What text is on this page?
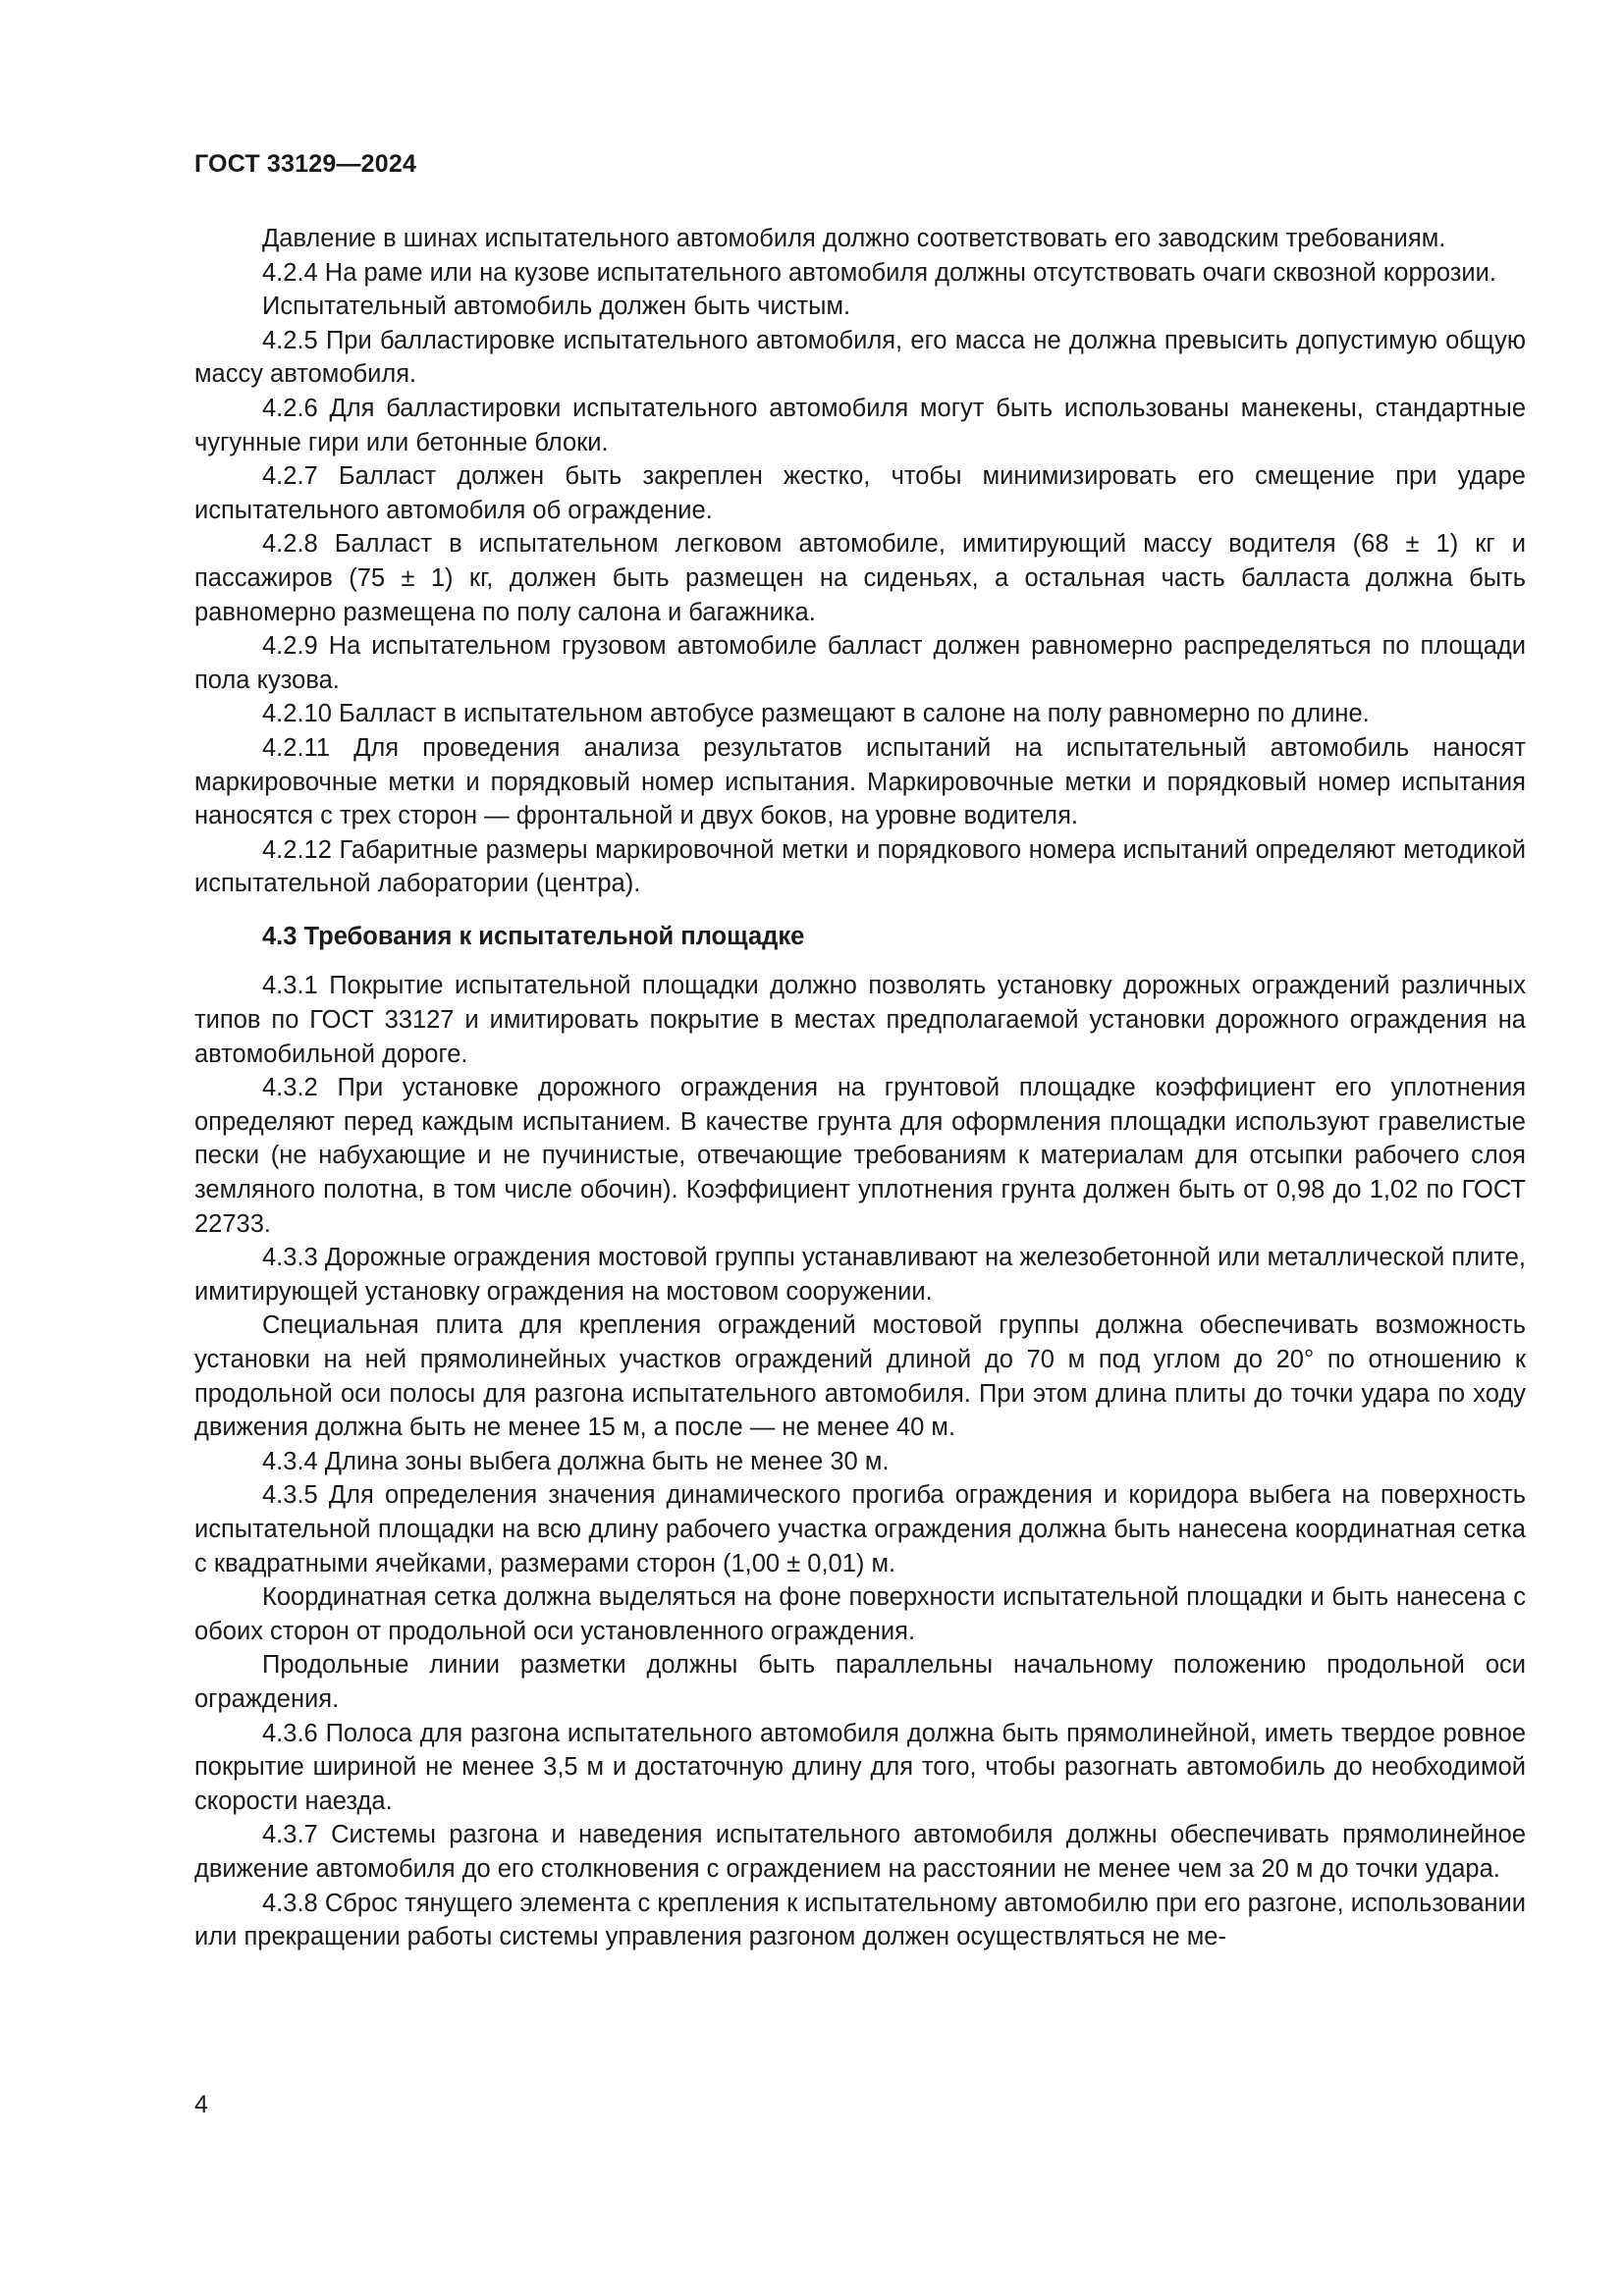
ГОСТ 33129—2024

Давление в шинах испытательного автомобиля должно соответствовать его заводским требованиям.

4.2.4 На раме или на кузове испытательного автомобиля должны отсутствовать очаги сквозной коррозии.

Испытательный автомобиль должен быть чистым.

4.2.5 При балластировке испытательного автомобиля, его масса не должна превысить допустимую общую массу автомобиля.

4.2.6 Для балластировки испытательного автомобиля могут быть использованы манекены, стандартные чугунные гири или бетонные блоки.

4.2.7 Балласт должен быть закреплен жестко, чтобы минимизировать его смещение при ударе испытательного автомобиля об ограждение.

4.2.8 Балласт в испытательном легковом автомобиле, имитирующий массу водителя (68 ± 1) кг и пассажиров (75 ± 1) кг, должен быть размещен на сиденьях, а остальная часть балласта должна быть равномерно размещена по полу салона и багажника.

4.2.9 На испытательном грузовом автомобиле балласт должен равномерно распределяться по площади пола кузова.

4.2.10 Балласт в испытательном автобусе размещают в салоне на полу равномерно по длине.

4.2.11 Для проведения анализа результатов испытаний на испытательный автомобиль наносят маркировочные метки и порядковый номер испытания. Маркировочные метки и порядковый номер испытания наносятся с трех сторон — фронтальной и двух боков, на уровне водителя.

4.2.12 Габаритные размеры маркировочной метки и порядкового номера испытаний определяют методикой испытательной лаборатории (центра).

4.3 Требования к испытательной площадке

4.3.1 Покрытие испытательной площадки должно позволять установку дорожных ограждений различных типов по ГОСТ 33127 и имитировать покрытие в местах предполагаемой установки дорожного ограждения на автомобильной дороге.

4.3.2 При установке дорожного ограждения на грунтовой площадке коэффициент его уплотнения определяют перед каждым испытанием. В качестве грунта для оформления площадки используют гравелистые пески (не набухающие и не пучинистые, отвечающие требованиям к материалам для отсыпки рабочего слоя земляного полотна, в том числе обочин). Коэффициент уплотнения грунта должен быть от 0,98 до 1,02 по ГОСТ 22733.

4.3.3 Дорожные ограждения мостовой группы устанавливают на железобетонной или металлической плите, имитирующей установку ограждения на мостовом сооружении.

Специальная плита для крепления ограждений мостовой группы должна обеспечивать возможность установки на ней прямолинейных участков ограждений длиной до 70 м под углом до 20° по отношению к продольной оси полосы для разгона испытательного автомобиля. При этом длина плиты до точки удара по ходу движения должна быть не менее 15 м, а после — не менее 40 м.

4.3.4 Длина зоны выбега должна быть не менее 30 м.

4.3.5 Для определения значения динамического прогиба ограждения и коридора выбега на поверхность испытательной площадки на всю длину рабочего участка ограждения должна быть нанесена координатная сетка с квадратными ячейками, размерами сторон (1,00 ± 0,01) м.

Координатная сетка должна выделяться на фоне поверхности испытательной площадки и быть нанесена с обоих сторон от продольной оси установленного ограждения.

Продольные линии разметки должны быть параллельны начальному положению продольной оси ограждения.

4.3.6 Полоса для разгона испытательного автомобиля должна быть прямолинейной, иметь твердое ровное покрытие шириной не менее 3,5 м и достаточную длину для того, чтобы разогнать автомобиль до необходимой скорости наезда.

4.3.7 Системы разгона и наведения испытательного автомобиля должны обеспечивать прямолинейное движение автомобиля до его столкновения с ограждением на расстоянии не менее чем за 20 м до точки удара.

4.3.8 Сброс тянущего элемента с крепления к испытательному автомобилю при его разгоне, использовании или прекращении работы системы управления разгоном должен осуществляться не ме-

4
